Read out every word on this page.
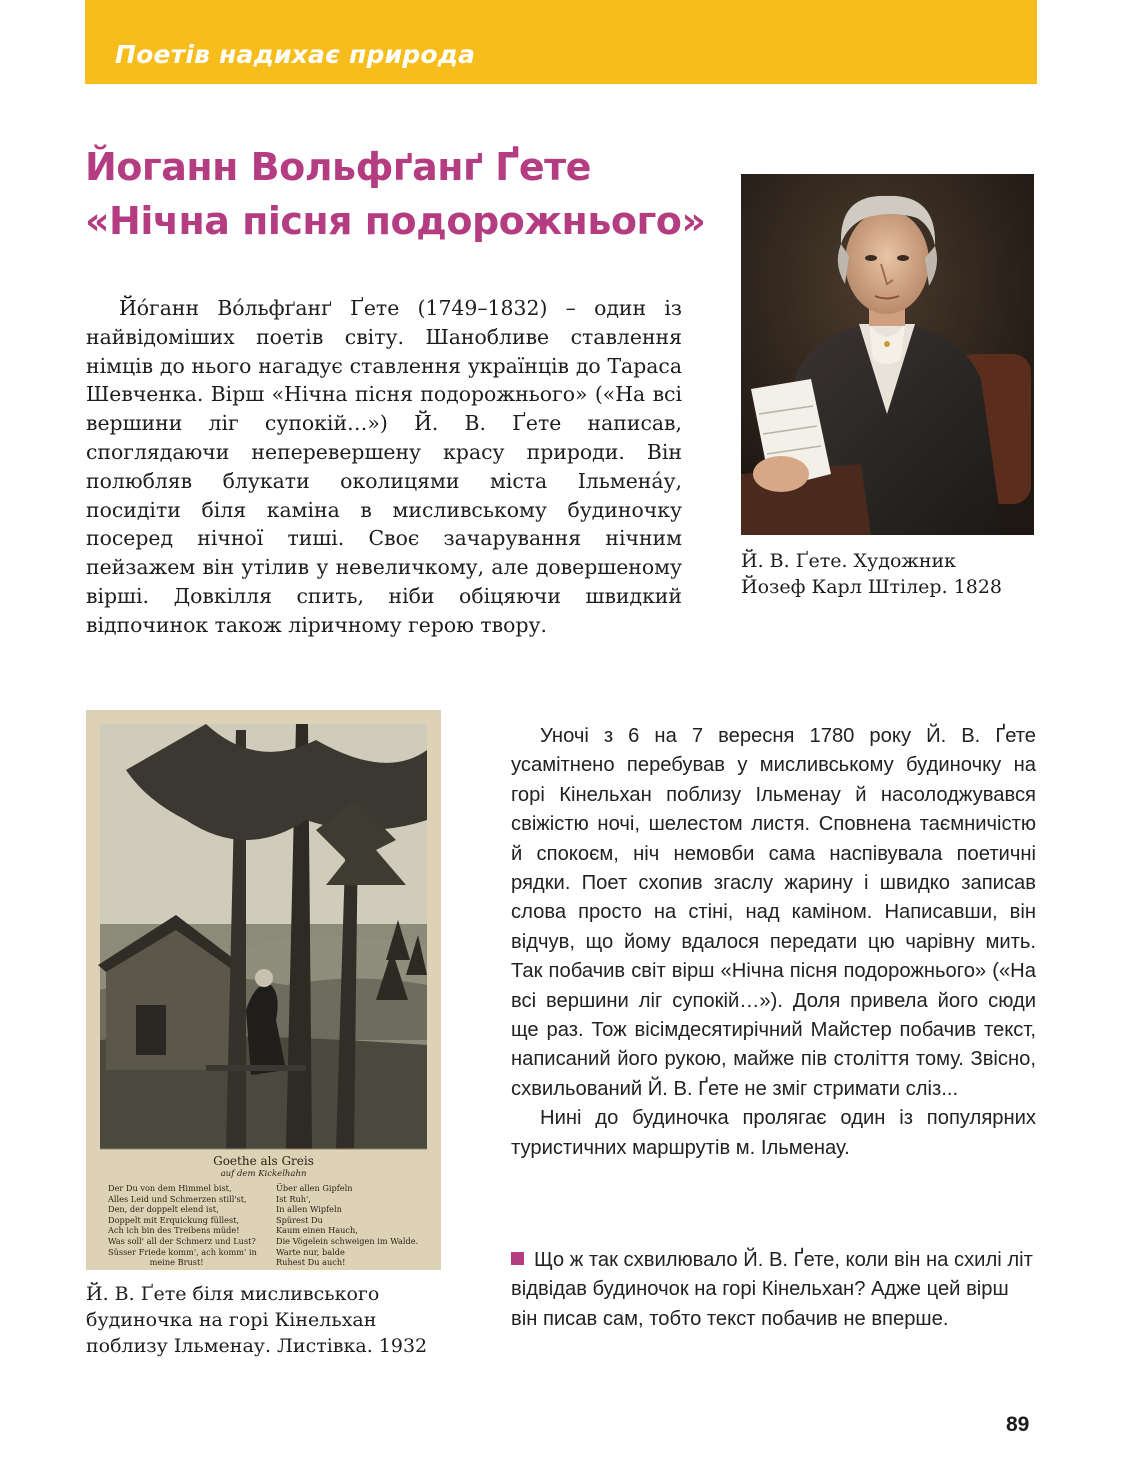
Поетів надихає природа
Йоганн Вольфґанґ Ґете
«Нічна пісня подорожнього»
Йóганн Вóльфґанґ Ґете (1749–1832) – один із найвідоміших поетів світу. Шанобливе ставлення німців до нього нагадує ставлення українців до Тараса Шевченка. Вірш «Нічна пісня подорожнього» («На всі вершини ліг супокій…») Й. В. Ґете написав, споглядаючи неперевершену красу природи. Він полюбляв блукати околицями міста Ільменáу, посидіти біля каміна в мисливському будиночку посеред нічної тиші. Своє зачарування нічним пейзажем він утілив у невеличкому, але довершеному вірші. Довкілля спить, ніби обіцяючи швидкий відпочинок також ліричному герою твору.
Й. В. Ґете. Художник
Йозеф Карл Штілер. 1828
Goethe als Greis
auf dem Kickelhahn
Der Du von dem Himmel bist,
Alles Leid und Schmerzen still'st,
Den, der doppelt elend ist,
Doppelt mit Erquickung füllest,
Ach ich bin des Treibens müde!
Was soll' all der Schmerz und Lust?
Süsser Friede komm', ach komm' in
meine Brust!
Über allen Gipfeln
Ist Ruh',
In allen Wipfeln
Spürest Du
Kaum einen Hauch,
Die Vögelein schweigen im Walde.
Warte nur, balde
Ruhest Du auch!
Й. В. Ґете біля мисливського
будиночка на горі Кінельхан
поблизу Ільменау. Листівка. 1932

Уночі з 6 на 7 вересня 1780 року Й. В. Ґете усамітнено перебував у мисливському будиночку на горі Кінельхан поблизу Ільменау й насолоджувався свіжістю ночі, шелестом листя. Сповнена таємничістю й спокоєм, ніч немовби сама наспівувала поетичні рядки. Поет схопив згаслу жарину і швидко записав слова просто на стіні, над каміном. Написавши, він відчув, що йому вдалося передати цю чарівну мить. Так побачив світ вірш «Нічна пісня подорожнього» («На всі вершини ліг супокій…»). Доля привела його сюди ще раз. Тож вісімдесятирічний Майстер побачив текст, написаний його рукою, майже пів століття тому. Звісно, схвильований Й. В. Ґете не зміг стримати сліз...

Нині до будиночка пролягає один із популярних туристичних маршрутів м. Ільменау.

Що ж так схвилювало Й. В. Ґете, коли він на схилі літ відвідав будиночок на горі Кінельхан? Адже цей вірш він писав сам, тобто текст побачив не вперше.
89
